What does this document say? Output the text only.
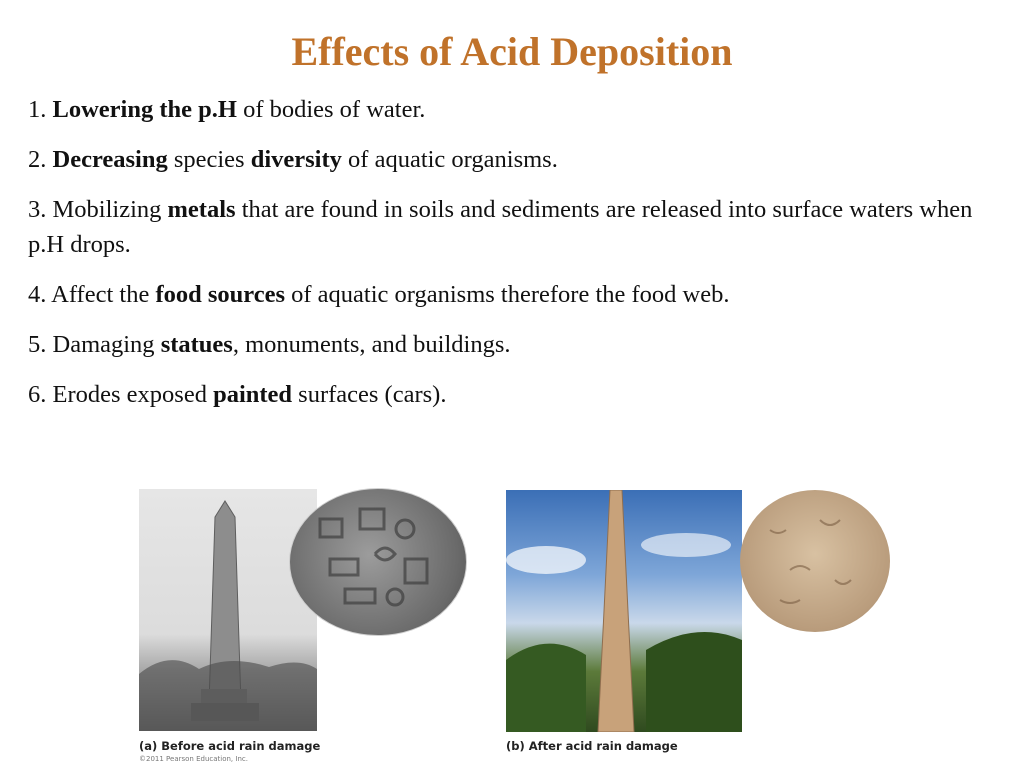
Effects of Acid Deposition

1. Lowering the p.H of bodies of water.

2. Decreasing species diversity of aquatic organisms.

3. Mobilizing metals that are found in soils and sediments are released into surface waters when p.H drops.

4. Affect the food sources of aquatic organisms therefore the food web.

5. Damaging statues, monuments, and buildings.

6. Erodes exposed painted surfaces (cars).

(a) Before acid rain damage	(b) After acid rain damage
©2011 Pearson Education, Inc.
